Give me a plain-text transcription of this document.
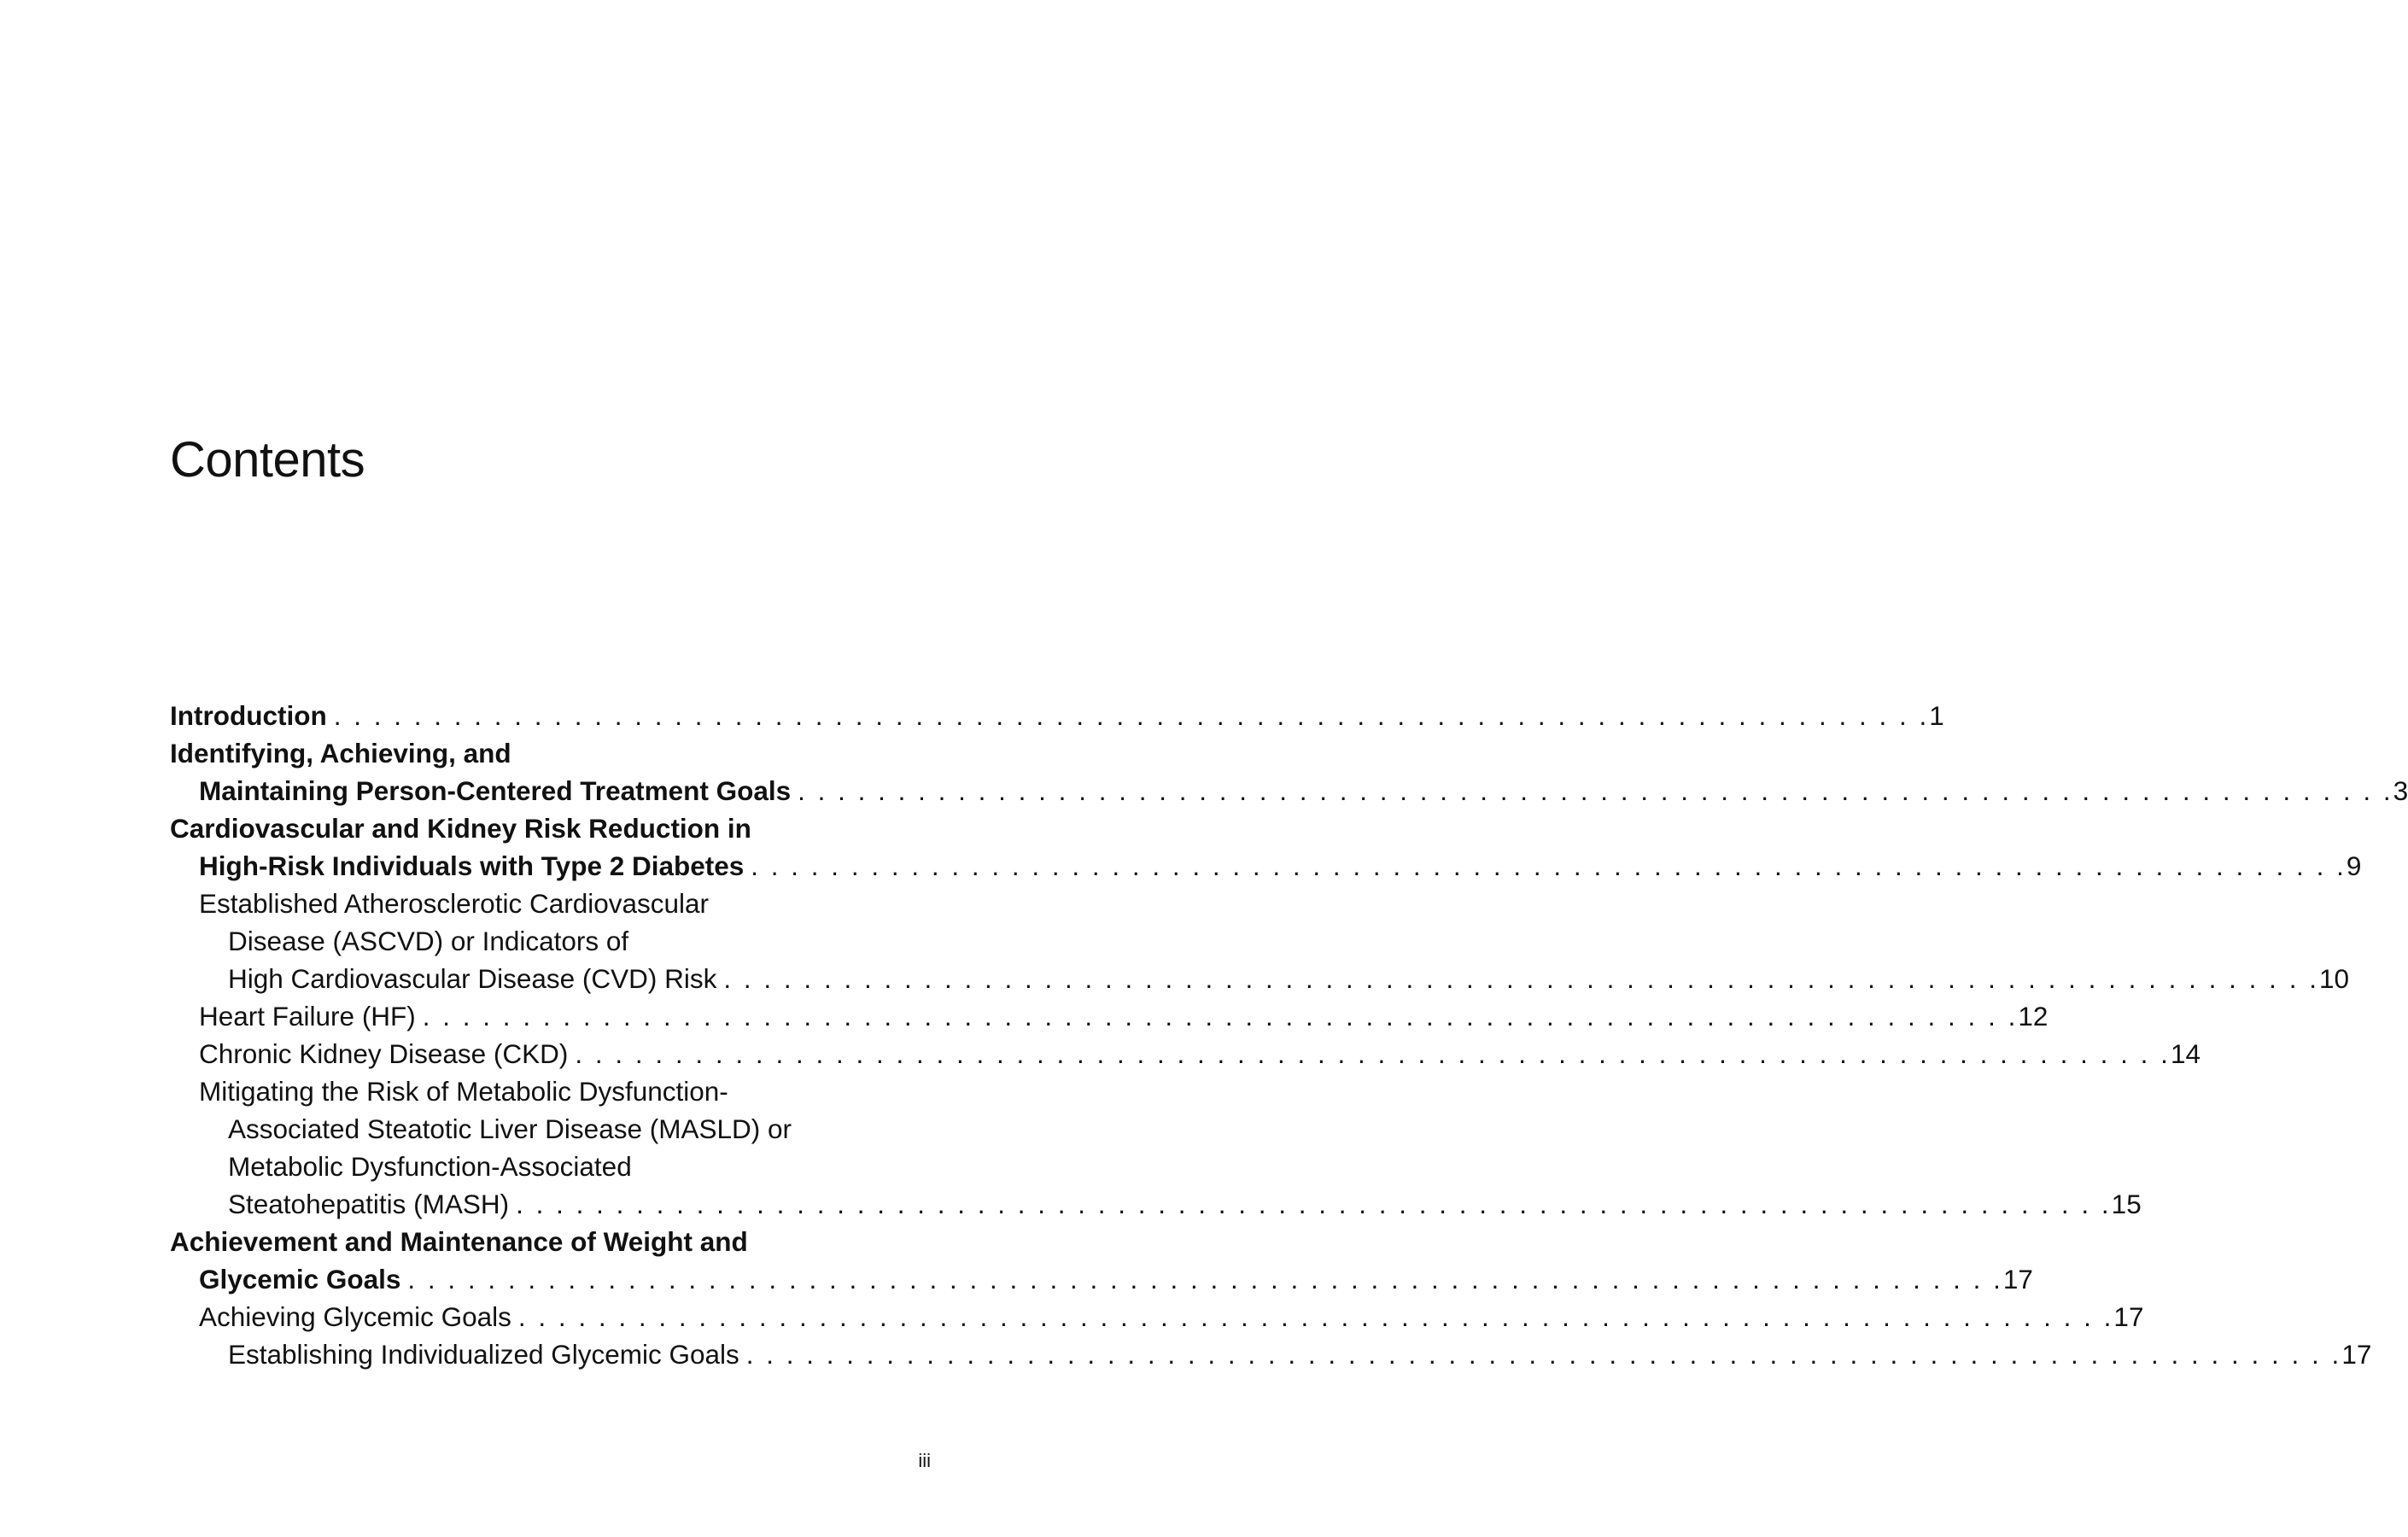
Contents
Introduction . . . . . . . . . . . . . . . . . . . . . . . . . . . . . . . . . . . . . . . . . . . . . . . . . . . . . . . . . . . . . . . . . . . . . . . . . . . . . . . . 1
Identifying, Achieving, and
Maintaining Person-Centered Treatment Goals . . . . . . . . . . . . . . . . . . . . . . . . . . . . . . . . . . . . . . . . . . . . . . . . . . . . . . . . . . . . . . . . . . . . . . . . . . . . . . . . 3
Cardiovascular and Kidney Risk Reduction in
High-Risk Individuals with Type 2 Diabetes . . . . . . . . . . . . . . . . . . . . . . . . . . . . . . . . . . . . . . . . . . . . . . . . . . . . . . . . . . . . . . . . . . . . . . . . . . . . . . . . 9
Established Atherosclerotic Cardiovascular
Disease (ASCVD) or Indicators of
High Cardiovascular Disease (CVD) Risk . . . . . . . . . . . . . . . . . . . . . . . . . . . . . . . . . . . . . . . . . . . . . . . . . . . . . . . . . . . . . . . . . . . . . . . . . . . . . . . . 10
Heart Failure (HF) . . . . . . . . . . . . . . . . . . . . . . . . . . . . . . . . . . . . . . . . . . . . . . . . . . . . . . . . . . . . . . . . . . . . . . . . . . . . . . . . 12
Chronic Kidney Disease (CKD) . . . . . . . . . . . . . . . . . . . . . . . . . . . . . . . . . . . . . . . . . . . . . . . . . . . . . . . . . . . . . . . . . . . . . . . . . . . . . . . . 14
Mitigating the Risk of Metabolic Dysfunction-
Associated Steatotic Liver Disease (MASLD) or
Metabolic Dysfunction-Associated
Steatohepatitis (MASH) . . . . . . . . . . . . . . . . . . . . . . . . . . . . . . . . . . . . . . . . . . . . . . . . . . . . . . . . . . . . . . . . . . . . . . . . . . . . . . . . 15
Achievement and Maintenance of Weight and
Glycemic Goals . . . . . . . . . . . . . . . . . . . . . . . . . . . . . . . . . . . . . . . . . . . . . . . . . . . . . . . . . . . . . . . . . . . . . . . . . . . . . . . . 17
Achieving Glycemic Goals . . . . . . . . . . . . . . . . . . . . . . . . . . . . . . . . . . . . . . . . . . . . . . . . . . . . . . . . . . . . . . . . . . . . . . . . . . . . . . . . 17
Establishing Individualized Glycemic Goals . . . . . . . . . . . . . . . . . . . . . . . . . . . . . . . . . . . . . . . . . . . . . . . . . . . . . . . . . . . . . . . . . . . . . . . . . . . . . . . . 17
iii
